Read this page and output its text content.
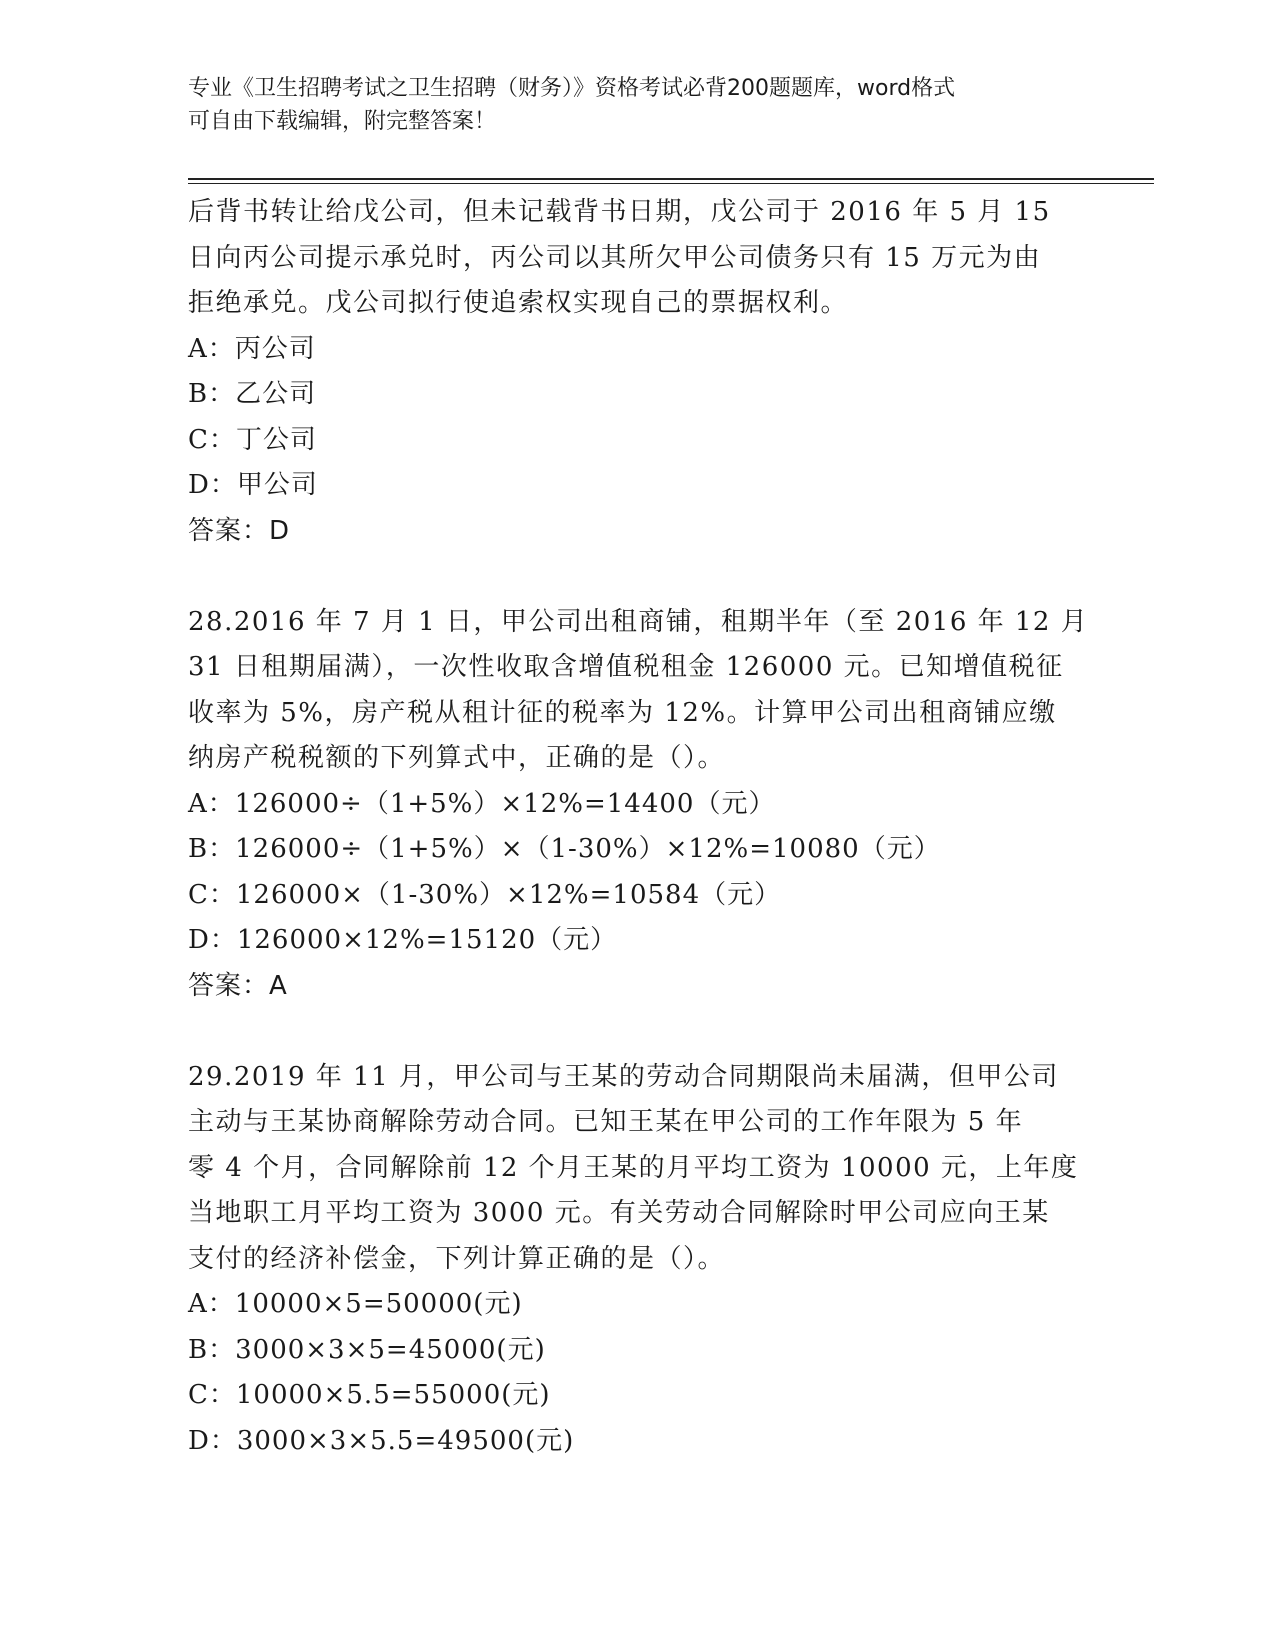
专业《卫生招聘考试之卫生招聘（财务）》资格考试必背200题题库，word格式
可自由下载编辑，附完整答案！
后背书转让给戊公司，但未记载背书日期，戊公司于 2016 年 5 月 15
日向丙公司提示承兑时，丙公司以其所欠甲公司债务只有 15 万元为由
拒绝承兑。戊公司拟行使追索权实现自己的票据权利。
A：丙公司
B：乙公司
C：丁公司
D：甲公司
答案：D
28.2016 年 7 月 1 日，甲公司出租商铺，租期半年（至 2016 年 12 月
31 日租期届满），一次性收取含增值税租金 126000 元。已知增值税征
收率为 5%，房产税从租计征的税率为 12%。计算甲公司出租商铺应缴
纳房产税税额的下列算式中，正确的是（）。
A：126000÷（1+5%）×12%=14400（元）
B：126000÷（1+5%）×（1-30%）×12%=10080（元）
C：126000×（1-30%）×12%=10584（元）
D：126000×12%=15120（元）
答案：A
29.2019 年 11 月，甲公司与王某的劳动合同期限尚未届满，但甲公司
主动与王某协商解除劳动合同。已知王某在甲公司的工作年限为 5 年
零 4 个月，合同解除前 12 个月王某的月平均工资为 10000 元，上年度
当地职工月平均工资为 3000 元。有关劳动合同解除时甲公司应向王某
支付的经济补偿金，下列计算正确的是（）。
A：10000×5=50000(元)
B：3000×3×5=45000(元)
C：10000×5.5=55000(元)
D：3000×3×5.5=49500(元)
